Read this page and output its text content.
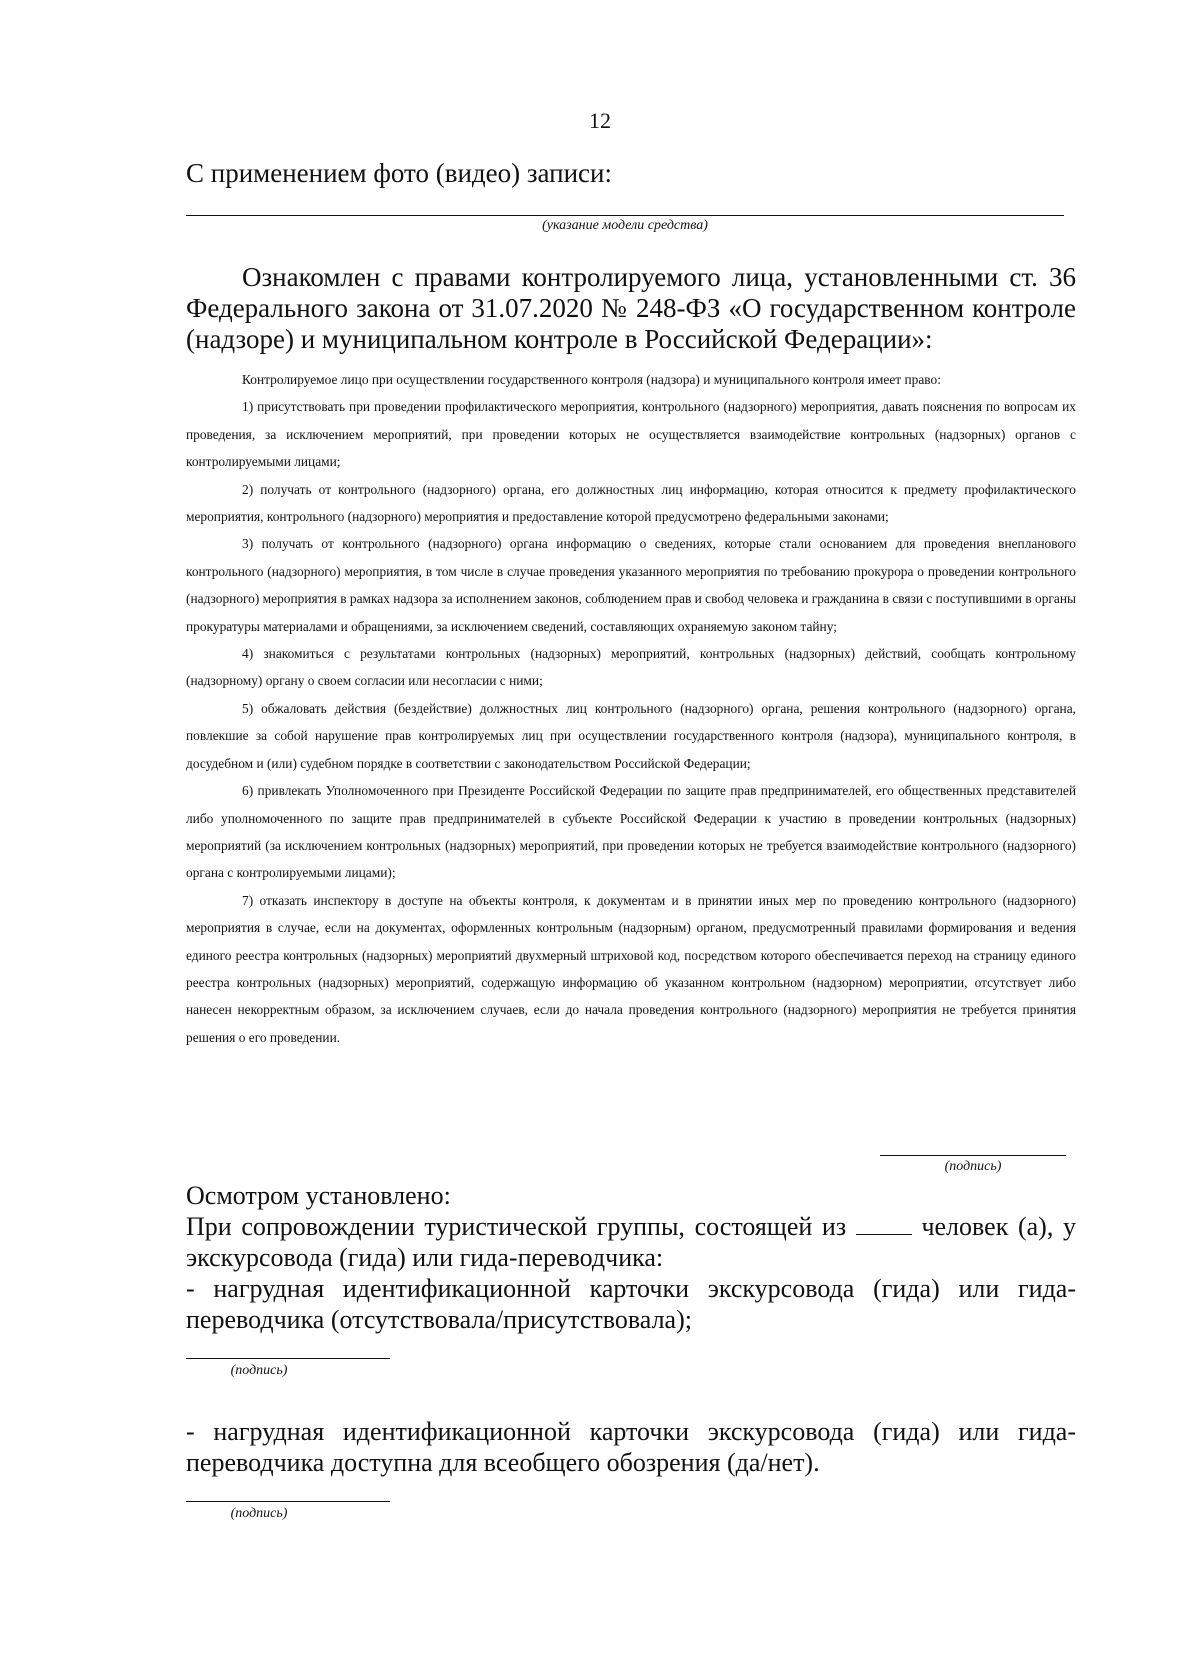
12
С применением фото (видео) записи:
(указание модели средства)

Ознакомлен с правами контролируемого лица, установленными ст. 36 Федерального закона от 31.07.2020 № 248-ФЗ «О государственном контроле (надзоре) и муниципальном контроле в Российской Федерации»:

Контролируемое лицо при осуществлении государственного контроля (надзора) и муниципального контроля имеет право:

1) присутствовать при проведении профилактического мероприятия, контрольного (надзорного) мероприятия, давать пояснения по вопросам их проведения, за исключением мероприятий, при проведении которых не осуществляется взаимодействие контрольных (надзорных) органов с контролируемыми лицами;

2) получать от контрольного (надзорного) органа, его должностных лиц информацию, которая относится к предмету профилактического мероприятия, контрольного (надзорного) мероприятия и предоставление которой предусмотрено федеральными законами;

3) получать от контрольного (надзорного) органа информацию о сведениях, которые стали основанием для проведения внепланового контрольного (надзорного) мероприятия, в том числе в случае проведения указанного мероприятия по требованию прокурора о проведении контрольного (надзорного) мероприятия в рамках надзора за исполнением законов, соблюдением прав и свобод человека и гражданина в связи с поступившими в органы прокуратуры материалами и обращениями, за исключением сведений, составляющих охраняемую законом тайну;

4) знакомиться с результатами контрольных (надзорных) мероприятий, контрольных (надзорных) действий, сообщать контрольному (надзорному) органу о своем согласии или несогласии с ними;

5) обжаловать действия (бездействие) должностных лиц контрольного (надзорного) органа, решения контрольного (надзорного) органа, повлекшие за собой нарушение прав контролируемых лиц при осуществлении государственного контроля (надзора), муниципального контроля, в досудебном и (или) судебном порядке в соответствии с законодательством Российской Федерации;

6) привлекать Уполномоченного при Президенте Российской Федерации по защите прав предпринимателей, его общественных представителей либо уполномоченного по защите прав предпринимателей в субъекте Российской Федерации к участию в проведении контрольных (надзорных) мероприятий (за исключением контрольных (надзорных) мероприятий, при проведении которых не требуется взаимодействие контрольного (надзорного) органа с контролируемыми лицами);

7) отказать инспектору в доступе на объекты контроля, к документам и в принятии иных мер по проведению контрольного (надзорного) мероприятия в случае, если на документах, оформленных контрольным (надзорным) органом, предусмотренный правилами формирования и ведения единого реестра контрольных (надзорных) мероприятий двухмерный штриховой код, посредством которого обеспечивается переход на страницу единого реестра контрольных (надзорных) мероприятий, содержащую информацию об указанном контрольном (надзорном) мероприятии, отсутствует либо нанесен некорректным образом, за исключением случаев, если до начала проведения контрольного (надзорного) мероприятия не требуется принятия решения о его проведении.

(подпись)

Осмотром установлено:

При сопровождении туристической группы, состоящей из	человек (а), у экскурсовода (гида) или гида-переводчика:

- нагрудная идентификационной карточки экскурсовода (гида) или гида-переводчика (отсутствовала/присутствовала);

(подпись)
- нагрудная идентификационной карточки экскурсовода (гида) или гида-переводчика доступна для всеобщего обозрения (да/нет).
(подпись)
